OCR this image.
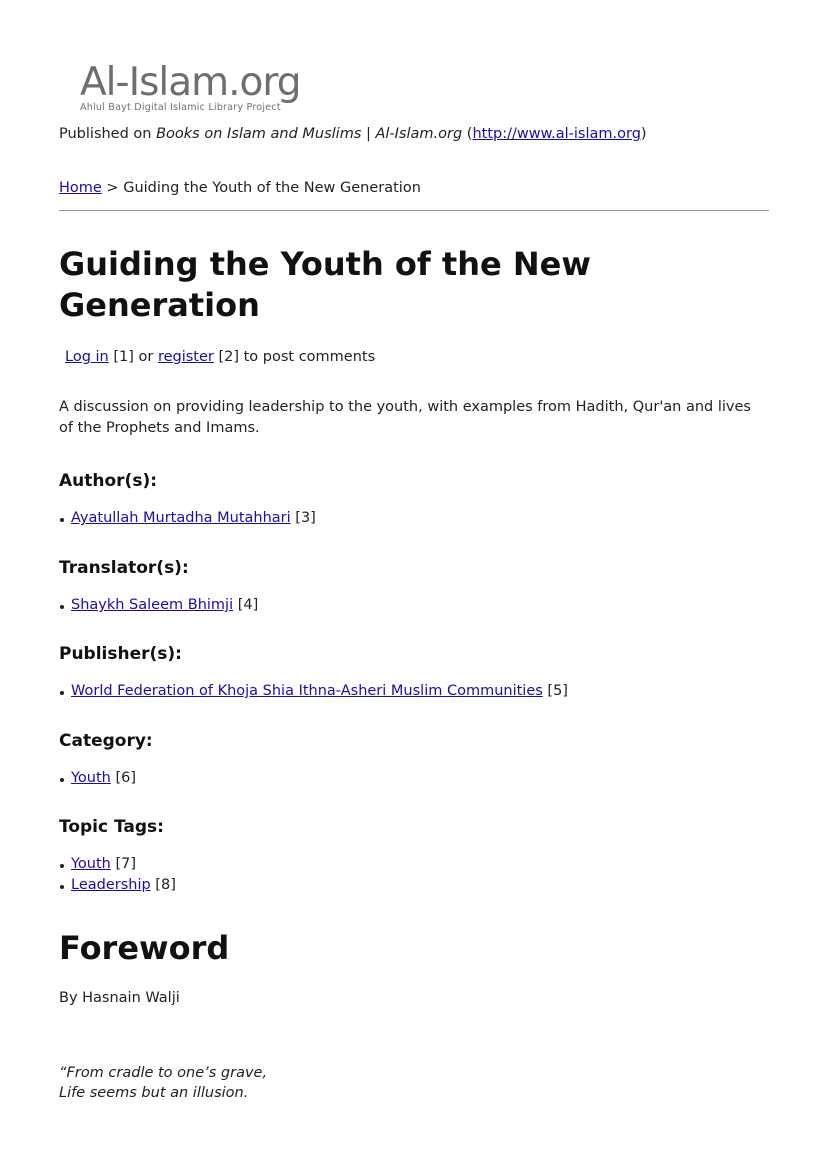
Al-Islam.org
Ahlul Bayt Digital Islamic Library Project
Published on Books on Islam and Muslims | Al-Islam.org (http://www.al-islam.org)
Home > Guiding the Youth of the New Generation
Guiding the Youth of the New Generation
Log in [1] or register [2] to post comments
A discussion on providing leadership to the youth, with examples from Hadith, Qur'an and lives of the Prophets and Imams.
Author(s):
Ayatullah Murtadha Mutahhari [3]
Translator(s):
Shaykh Saleem Bhimji [4]
Publisher(s):
World Federation of Khoja Shia Ithna-Asheri Muslim Communities [5]
Category:
Youth [6]
Topic Tags:
Youth [7]
Leadership [8]
Foreword
By Hasnain Walji
“From cradle to one’s grave,
Life seems but an illusion.
